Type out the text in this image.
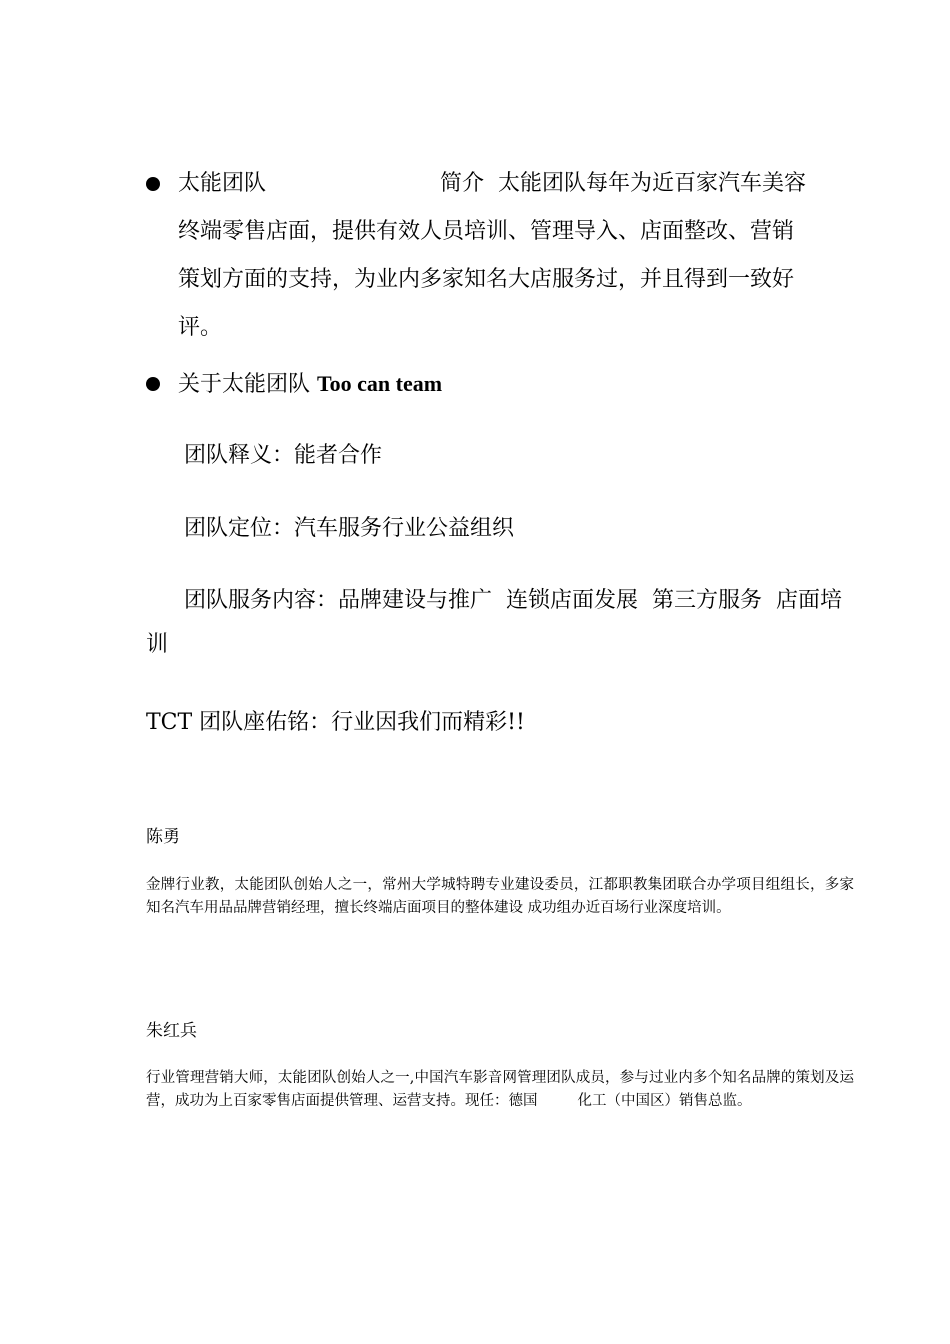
太能团队	简介 太能团队每年为近百家汽车美容
终端零售店面，提供有效人员培训、管理导入、店面整改、营销
策划方面的支持，为业内多家知名大店服务过，并且得到一致好
评。
关于太能团队 Too can team
团队释义：能者合作
团队定位：汽车服务行业公益组织
团队服务内容：品牌建设与推广  连锁店面发展  第三方服务  店面培
训
TCT 团队座佑铭：行业因我们而精彩!!
陈勇
金牌行业教，太能团队创始人之一，常州大学城特聘专业建设委员，江都职教集团联合办学项目组组长，多家知名汽车用品品牌营销经理，擅长终端店面项目的整体建设 成功组办近百场行业深度培训。
朱红兵
行业管理营销大师，太能团队创始人之一,中国汽车影音网管理团队成员，参与过业内多个知名品牌的策划及运营，成功为上百家零售店面提供管理、运营支持。现任：德国	化工（中国区）销售总监。
